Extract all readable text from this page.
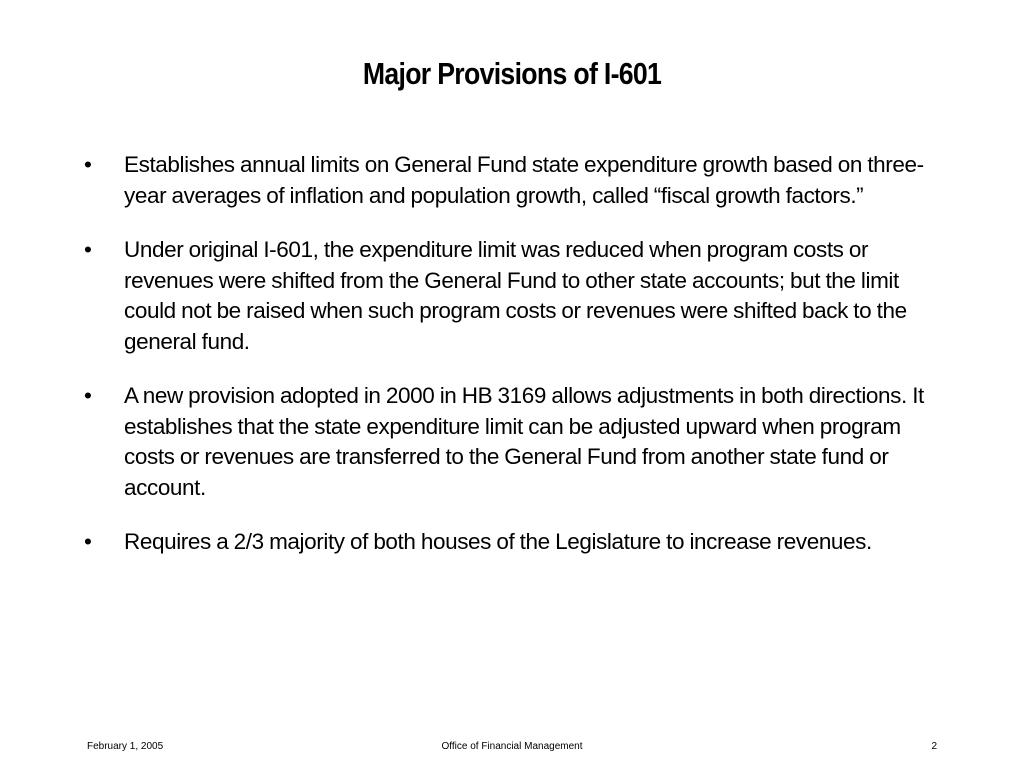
Major Provisions of I-601
•	Establishes annual limits on General Fund state expenditure growth based on three-year averages of inflation and population growth, called “fiscal growth factors.”
•	Under original I-601, the expenditure limit was reduced when program costs or revenues were shifted from the General Fund to other state accounts; but the limit could not be raised when such program costs or revenues were shifted back to the general fund.
•	A new provision adopted in 2000 in HB 3169 allows adjustments in both directions. It establishes that the state expenditure limit can be adjusted upward when program costs or revenues are transferred to the General Fund from another state fund or account.
•	Requires a 2/3 majority of both houses of the Legislature to increase revenues.
February 1, 2005	Office of Financial Management	2
